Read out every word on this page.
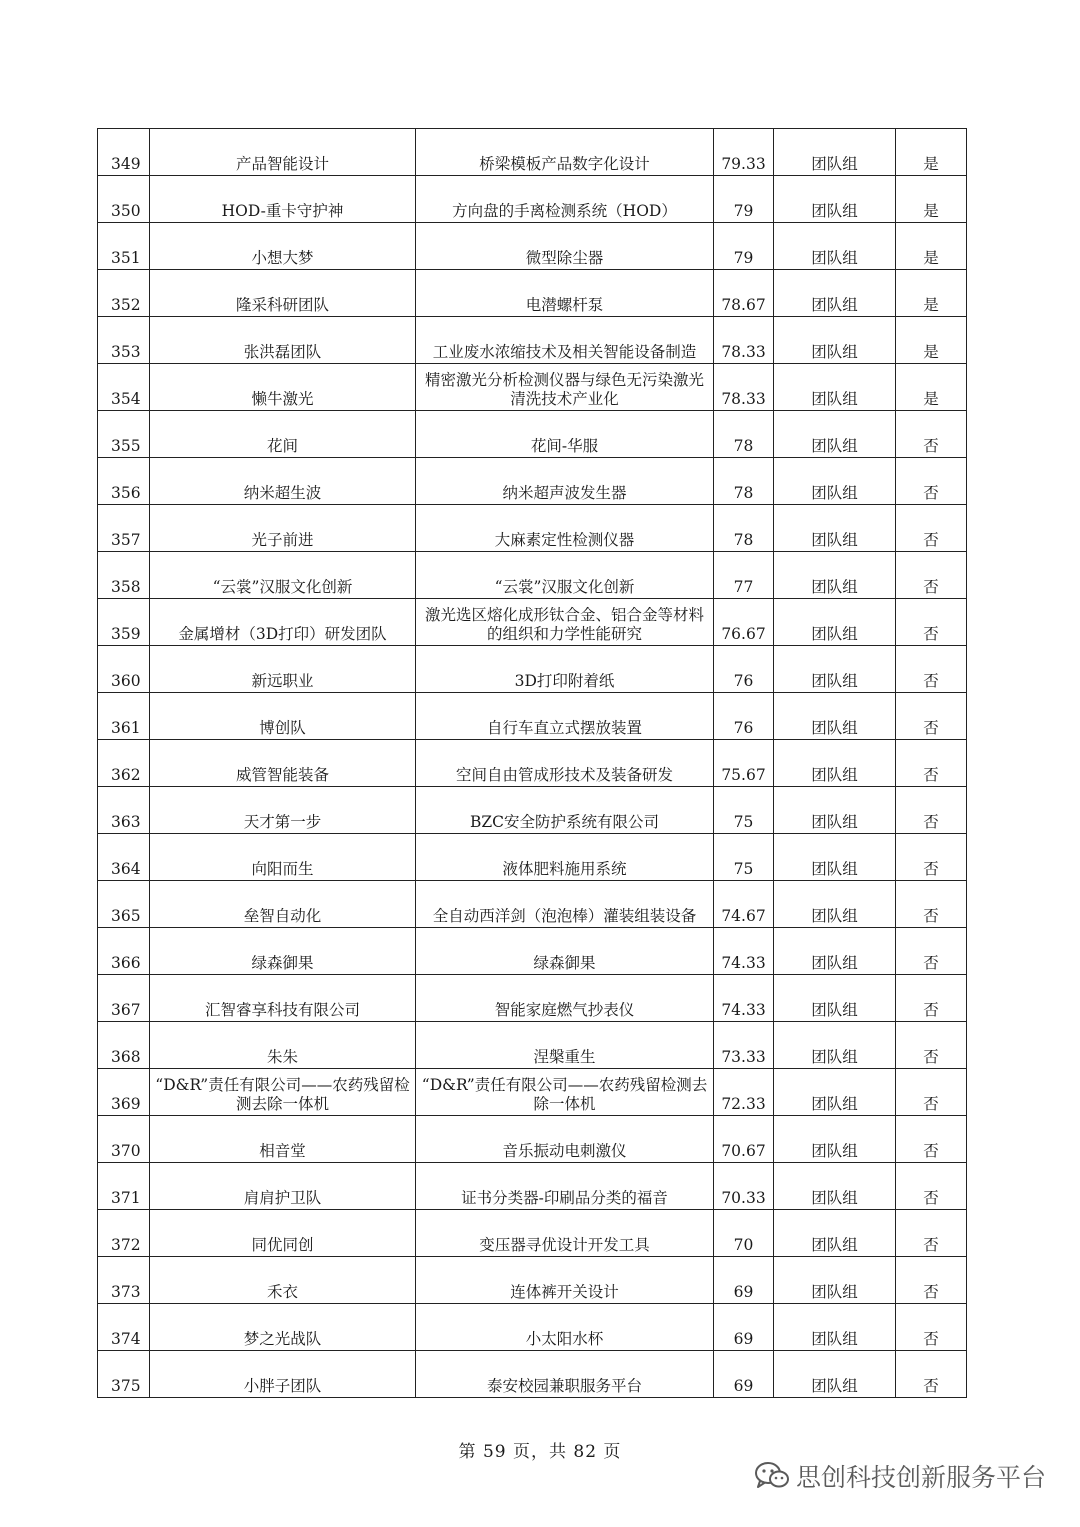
349	产品智能设计	桥梁模板产品数字化设计	79.33	团队组	是
350	HOD-重卡守护神	方向盘的手离检测系统（HOD）	79	团队组	是
351	小想大梦	微型除尘器	79	团队组	是
352	隆采科研团队	电潜螺杆泵	78.67	团队组	是
353	张洪磊团队	工业废水浓缩技术及相关智能设备制造	78.33	团队组	是
354	懒牛激光	精密激光分析检测仪器与绿色无污染激光清洗技术产业化	78.33	团队组	是
355	花间	花间-华服	78	团队组	否
356	纳米超生波	纳米超声波发生器	78	团队组	否
357	光子前进	大麻素定性检测仪器	78	团队组	否
358	“云裳”汉服文化创新	“云裳”汉服文化创新	77	团队组	否
359	金属增材（3D打印）研发团队	激光选区熔化成形钛合金、铝合金等材料的组织和力学性能研究	76.67	团队组	否
360	新远职业	3D打印附着纸	76	团队组	否
361	博创队	自行车直立式摆放装置	76	团队组	否
362	威管智能装备	空间自由管成形技术及装备研发	75.67	团队组	否
363	天才第一步	BZC安全防护系统有限公司	75	团队组	否
364	向阳而生	液体肥料施用系统	75	团队组	否
365	垒智自动化	全自动西洋剑（泡泡棒）灌装组装设备	74.67	团队组	否
366	绿森御果	绿森御果	74.33	团队组	否
367	汇智睿享科技有限公司	智能家庭燃气抄表仪	74.33	团队组	否
368	朱朱	涅槃重生	73.33	团队组	否
369	“D&R”责任有限公司——农药残留检测去除一体机	“D&R”责任有限公司——农药残留检测去除一体机	72.33	团队组	否
370	相音堂	音乐振动电刺激仪	70.67	团队组	否
371	肩肩护卫队	证书分类器-印刷品分类的福音	70.33	团队组	否
372	同优同创	变压器寻优设计开发工具	70	团队组	否
373	禾衣	连体裤开关设计	69	团队组	否
374	梦之光战队	小太阳水杯	69	团队组	否
375	小胖子团队	泰安校园兼职服务平台	69	团队组	否
第 59 页，共 82 页
思创科技创新服务平台
